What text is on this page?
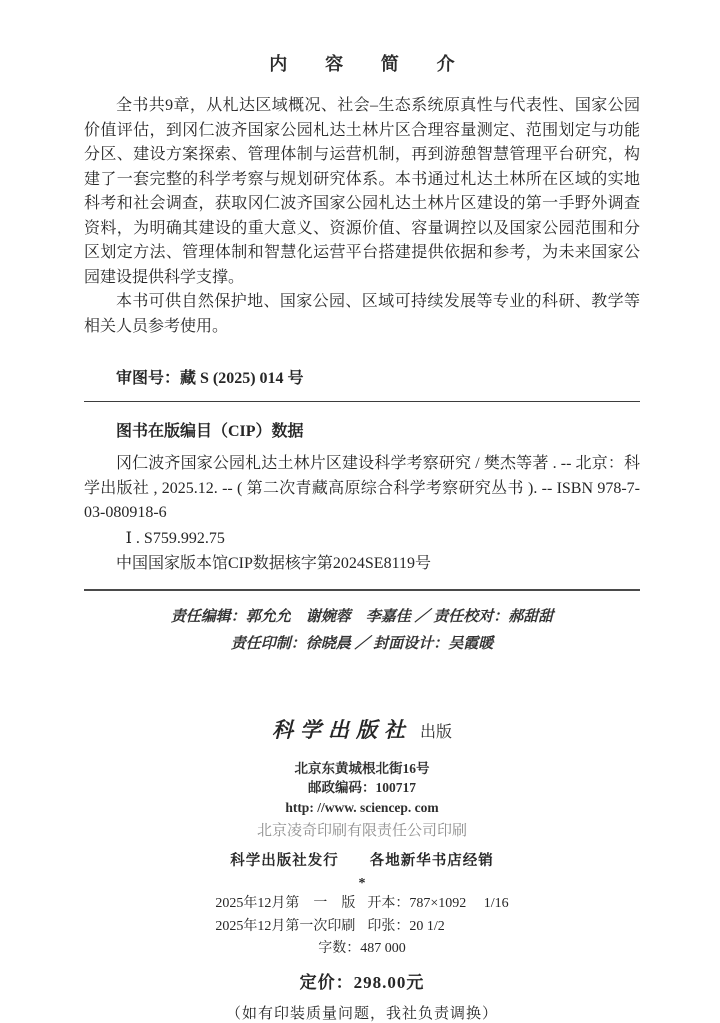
内　容　简　介

全书共9章，从札达区域概况、社会–生态系统原真性与代表性、国家公园价值评估，到冈仁波齐国家公园札达土林片区合理容量测定、范围划定与功能分区、建设方案探索、管理体制与运营机制，再到游憩智慧管理平台研究，构建了一套完整的科学考察与规划研究体系。本书通过札达土林所在区域的实地科考和社会调查，获取冈仁波齐国家公园札达土林片区建设的第一手野外调查资料，为明确其建设的重大意义、资源价值、容量调控以及国家公园范围和分区划定方法、管理体制和智慧化运营平台搭建提供依据和参考，为未来国家公园建设提供科学支撑。

本书可供自然保护地、国家公园、区域可持续发展等专业的科研、教学等相关人员参考使用。

审图号：藏 S (2025) 014 号

图书在版编目（CIP）数据

冈仁波齐国家公园札达土林片区建设科学考察研究 / 樊杰等著 . -- 北京：科学出版社 , 2025.12. -- ( 第二次青藏高原综合科学考察研究丛书 ). -- ISBN 978-7-03-080918-6

Ⅰ . S759.992.75

中国国家版本馆CIP数据核字第2024SE8119号

责任编辑：郭允允　谢婉蓉　李嘉佳 ／ 责任校对：郝甜甜
责任印制：徐晓晨 ／ 封面设计：吴霞暖

科学出版社 出版

北京东黄城根北街16号

邮政编码：100717

http: //www. sciencep. com

北京凌奇印刷有限责任公司印刷

科学出版社发行　　各地新华书店经销

*

2025年12月第　一　版 开本：787×1092　 1/16

2025年12月第一次印刷 印张：20 1/2

字数：487 000

定价：298.00元

（如有印装质量问题，我社负责调换）
